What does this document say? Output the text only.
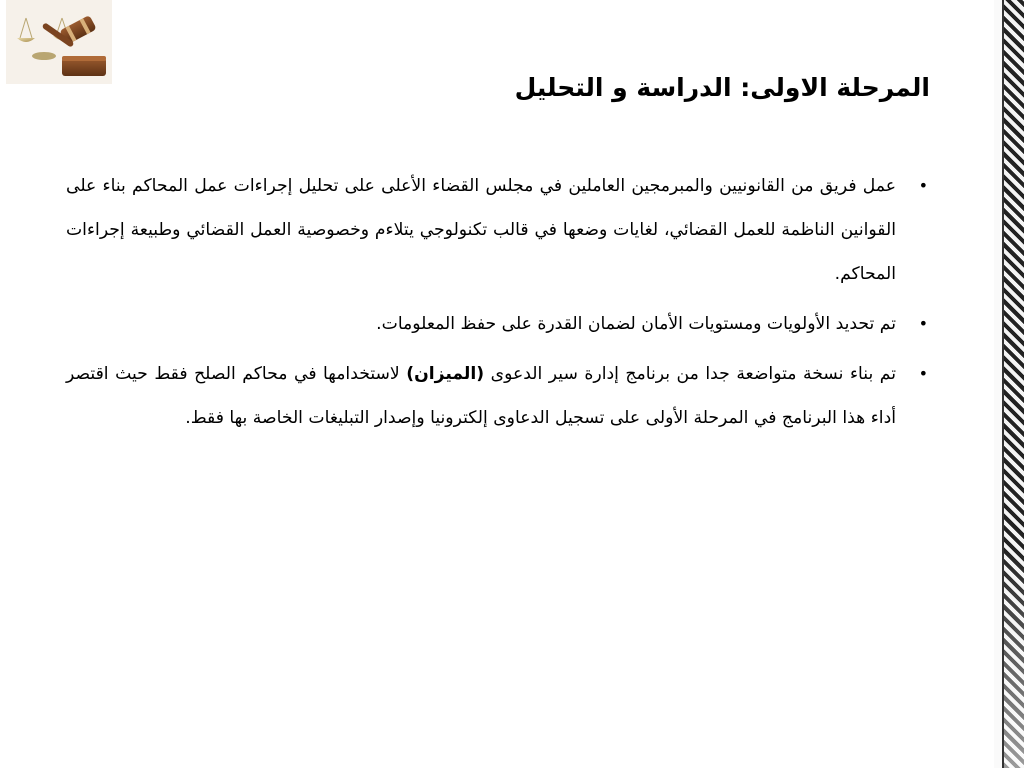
المرحلة الاولى: الدراسة و التحليل
•
عمل فريق من القانونيين والمبرمجين العاملين في مجلس القضاء الأعلى على تحليل إجراءات عمل المحاكم بناء على القوانين الناظمة للعمل القضائي، لغايات وضعها في قالب تكنولوجي يتلاءم وخصوصية العمل القضائي وطبيعة إجراءات المحاكم.
•
تم تحديد الأولويات ومستويات الأمان لضمان القدرة على حفظ المعلومات.
•
تم بناء نسخة متواضعة جدا من برنامج إدارة سير الدعوى (الميزان) لاستخدامها في محاكم الصلح فقط حيث اقتصر أداء هذا البرنامج في المرحلة الأولى على تسجيل الدعاوى إلكترونيا وإصدار التبليغات الخاصة بها فقط.
